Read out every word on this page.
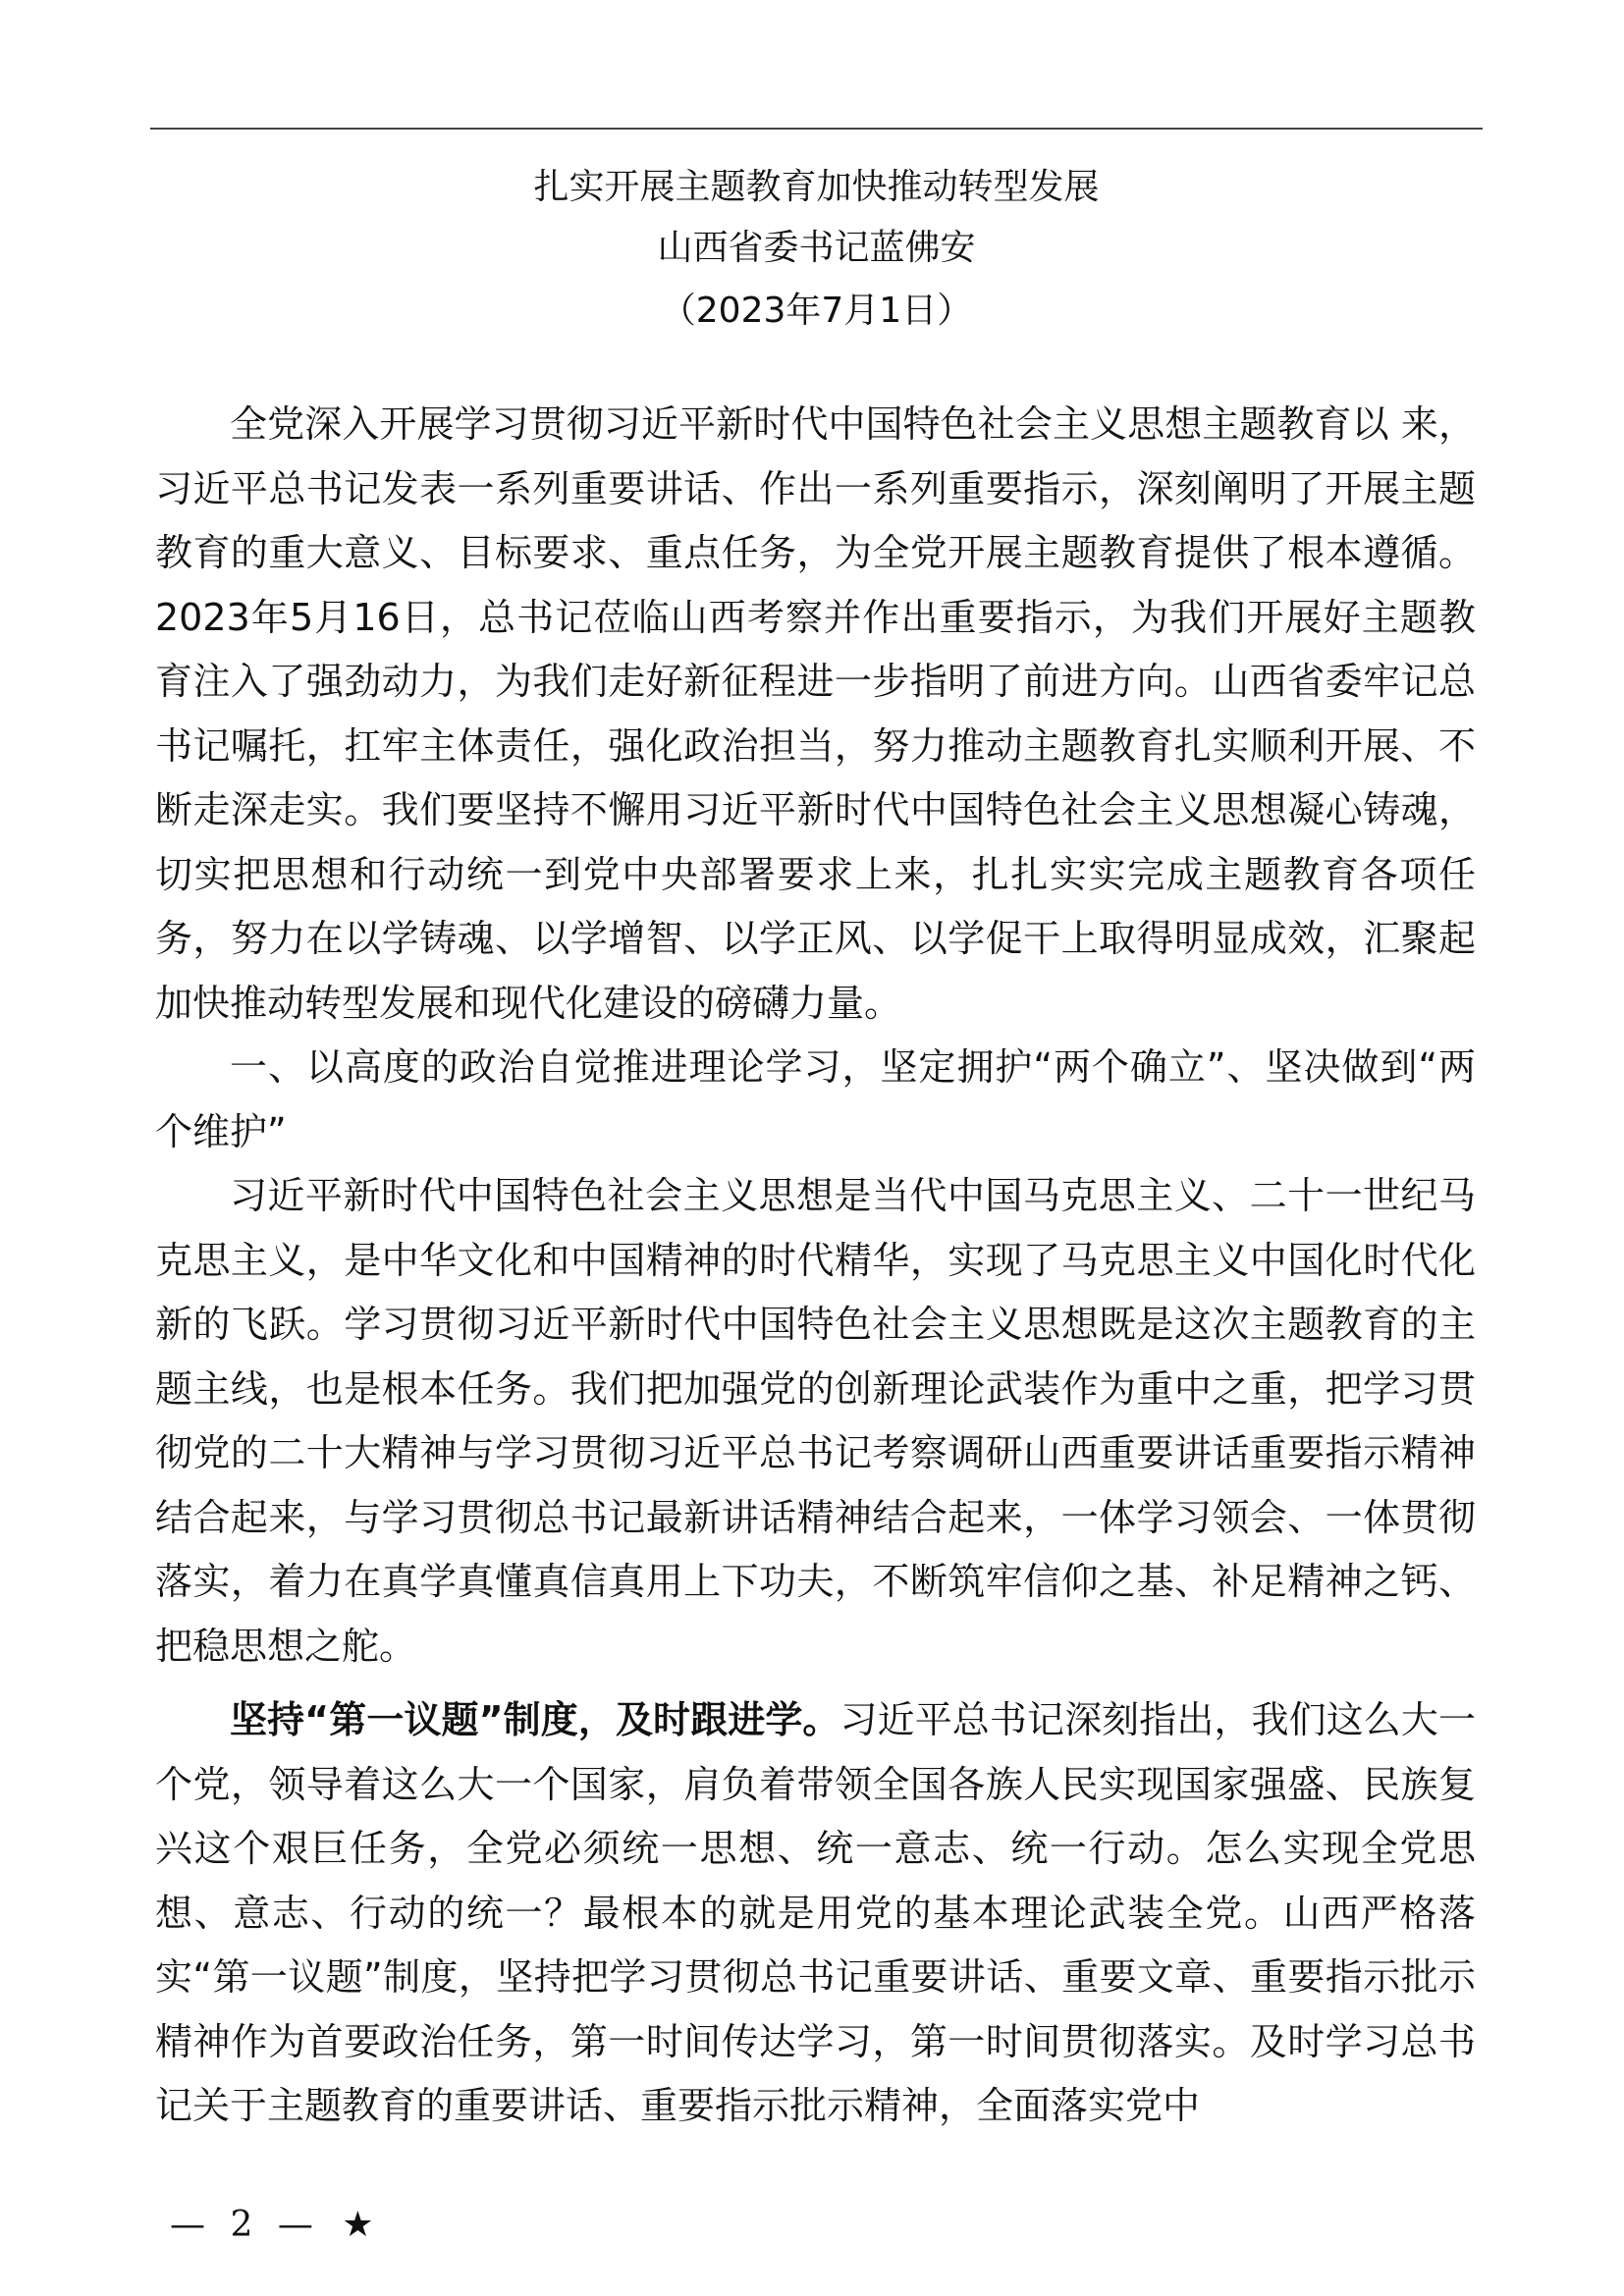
扎实开展主题教育加快推动转型发展
山西省委书记蓝佛安
（2023年7月1日）

全党深入开展学习贯彻习近平新时代中国特色社会主义思想主题教育以 来，习近平总书记发表一系列重要讲话、作出一系列重要指示，深刻阐明了开展主题教育的重大意义、目标要求、重点任务，为全党开展主题教育提供了根本遵循。2023年5月16日，总书记莅临山西考察并作出重要指示，为我们开展好主题教育注入了强劲动力，为我们走好新征程进一步指明了前进方向。山西省委牢记总书记嘱托，扛牢主体责任，强化政治担当，努力推动主题教育扎实顺利开展、不断走深走实。我们要坚持不懈用习近平新时代中国特色社会主义思想凝心铸魂，切实把思想和行动统一到党中央部署要求上来，扎扎实实完成主题教育各项任务，努力在以学铸魂、以学增智、以学正风、以学促干上取得明显成效，汇聚起加快推动转型发展和现代化建设的磅礴力量。

一、以高度的政治自觉推进理论学习，坚定拥护“两个确立”、坚决做到“两个维护”

习近平新时代中国特色社会主义思想是当代中国马克思主义、二十一世纪马克思主义，是中华文化和中国精神的时代精华，实现了马克思主义中国化时代化新的飞跃。学习贯彻习近平新时代中国特色社会主义思想既是这次主题教育的主题主线，也是根本任务。我们把加强党的创新理论武装作为重中之重，把学习贯彻党的二十大精神与学习贯彻习近平总书记考察调研山西重要讲话重要指示精神结合起来，与学习贯彻总书记最新讲话精神结合起来，一体学习领会、一体贯彻落实，着力在真学真懂真信真用上下功夫，不断筑牢信仰之基、补足精神之钙、把稳思想之舵。

坚持“第一议题”制度，及时跟进学。习近平总书记深刻指出，我们这么大一个党，领导着这么大一个国家，肩负着带领全国各族人民实现国家强盛、民族复兴这个艰巨任务，全党必须统一思想、统一意志、统一行动。怎么实现全党思想、意志、行动的统一？最根本的就是用党的基本理论武装全党。山西严格落实“第一议题”制度，坚持把学习贯彻总书记重要讲话、重要文章、重要指示批示精神作为首要政治任务，第一时间传达学习，第一时间贯彻落实。及时学习总书记关于主题教育的重要讲话、重要指示批示精神，全面落实党中

— 2 — ★
